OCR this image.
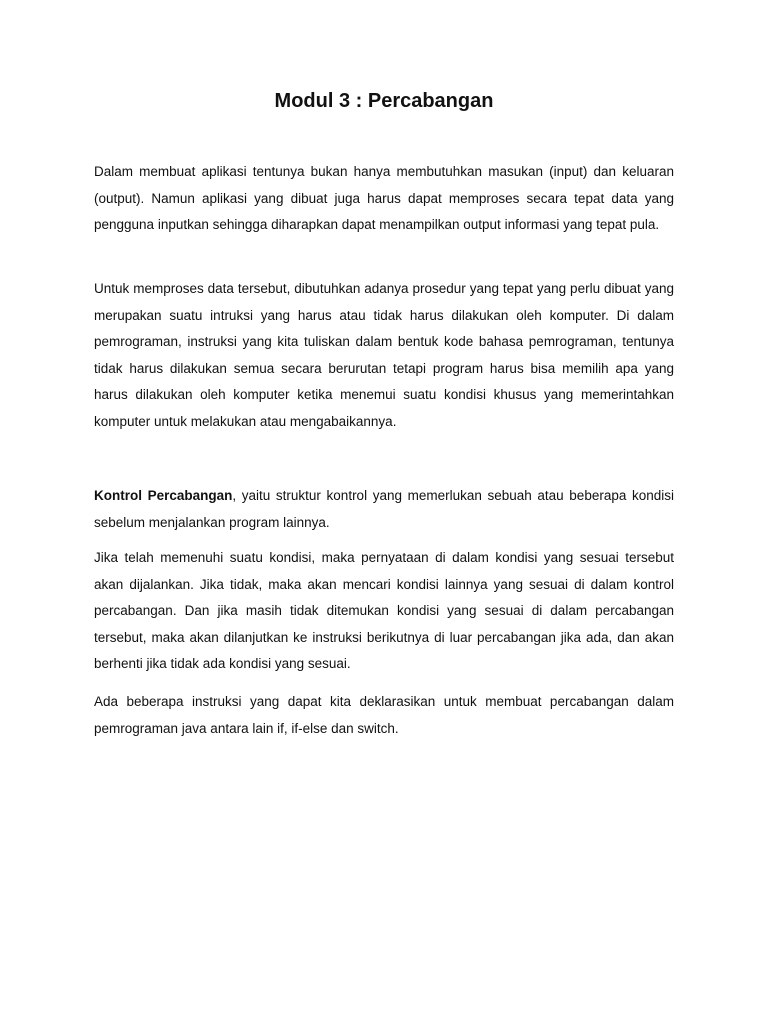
Modul 3 : Percabangan

Dalam membuat aplikasi tentunya bukan hanya membutuhkan masukan (input) dan keluaran (output). Namun aplikasi yang dibuat juga harus dapat memproses secara tepat data yang pengguna inputkan sehingga diharapkan dapat menampilkan output informasi yang tepat pula.

Untuk memproses data tersebut, dibutuhkan adanya prosedur yang tepat yang perlu dibuat yang merupakan suatu intruksi yang harus atau tidak harus dilakukan oleh komputer. Di dalam pemrograman, instruksi yang kita tuliskan dalam bentuk kode bahasa pemrograman, tentunya tidak harus dilakukan semua secara berurutan tetapi program harus bisa memilih apa yang harus dilakukan oleh komputer ketika menemui suatu kondisi khusus yang memerintahkan komputer untuk melakukan atau mengabaikannya.

Kontrol Percabangan, yaitu struktur kontrol yang memerlukan sebuah atau beberapa kondisi sebelum menjalankan program lainnya.

Jika telah memenuhi suatu kondisi, maka pernyataan di dalam kondisi yang sesuai tersebut akan dijalankan. Jika tidak, maka akan mencari kondisi lainnya yang sesuai di dalam kontrol percabangan. Dan jika masih tidak ditemukan kondisi yang sesuai di dalam percabangan tersebut, maka akan dilanjutkan ke instruksi berikutnya di luar percabangan jika ada, dan akan berhenti jika tidak ada kondisi yang sesuai.

Ada beberapa instruksi yang dapat kita deklarasikan untuk membuat percabangan dalam pemrograman java antara lain if, if-else dan switch.
